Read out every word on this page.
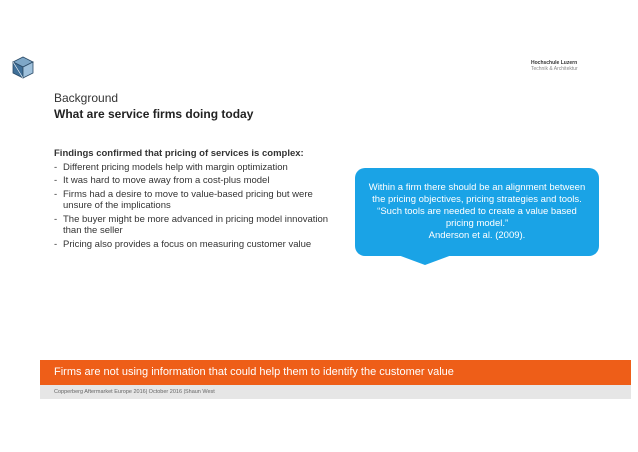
Hochschule Luzern
Technik & Architektur
Background
What are service firms doing today
Findings confirmed that pricing of services is complex:
- Different pricing models help with margin optimization
- It was hard to move away from a cost-plus model
- Firms had a desire to move to value-based pricing but were unsure of the implications
- The buyer might be more advanced in pricing model innovation than the seller
- Pricing also provides a focus on measuring customer value
Within a firm there should be an alignment between the pricing objectives, pricing strategies and tools. “Such tools are needed to create a value based pricing model.”
Anderson et al. (2009).
Firms are not using information that could help them to identify the customer value
Copperberg Aftermarket Europe 2016| October 2016 |Shaun West
